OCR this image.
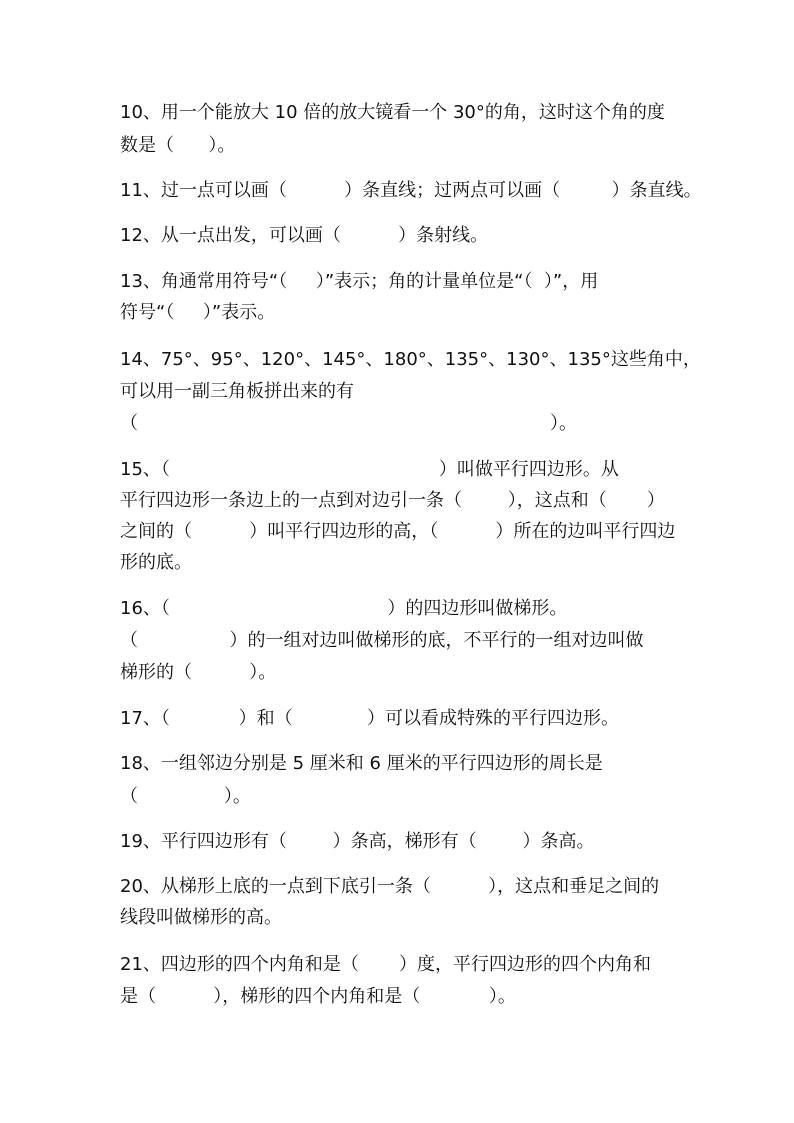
10、用一个能放大 10 倍的放大镜看一个 30°的角，这时这个角的度
数是（      ）。
11、过一点可以画（          ）条直线；过两点可以画（         ）条直线。
12、从一点出发，可以画（          ）条射线。
13、角通常用符号“（     ）”表示；角的计量单位是“（  ）”，用
符号“（     ）”表示。
14、75°、95°、120°、145°、180°、135°、130°、135°这些角中，
可以用一副三角板拼出来的有
（                                                                        ）。
15、（                                               ）叫做平行四边形。从
平行四边形一条边上的一点到对边引一条（        ），这点和（       ）
之间的（          ）叫平行四边形的高，（          ）所在的边叫平行四边
形的底。
16、（                                      ）的四边形叫做梯形。
（                ）的一组对边叫做梯形的底，不平行的一组对边叫做
梯形的（          ）。
17、（            ）和（             ）可以看成特殊的平行四边形。
18、一组邻边分别是 5 厘米和 6 厘米的平行四边形的周长是
（               ）。
19、平行四边形有（        ）条高，梯形有（        ）条高。
20、从梯形上底的一点到下底引一条（          ），这点和垂足之间的
线段叫做梯形的高。
21、四边形的四个内角和是（       ）度，平行四边形的四个内角和
是（          ），梯形的四个内角和是（            ）。
